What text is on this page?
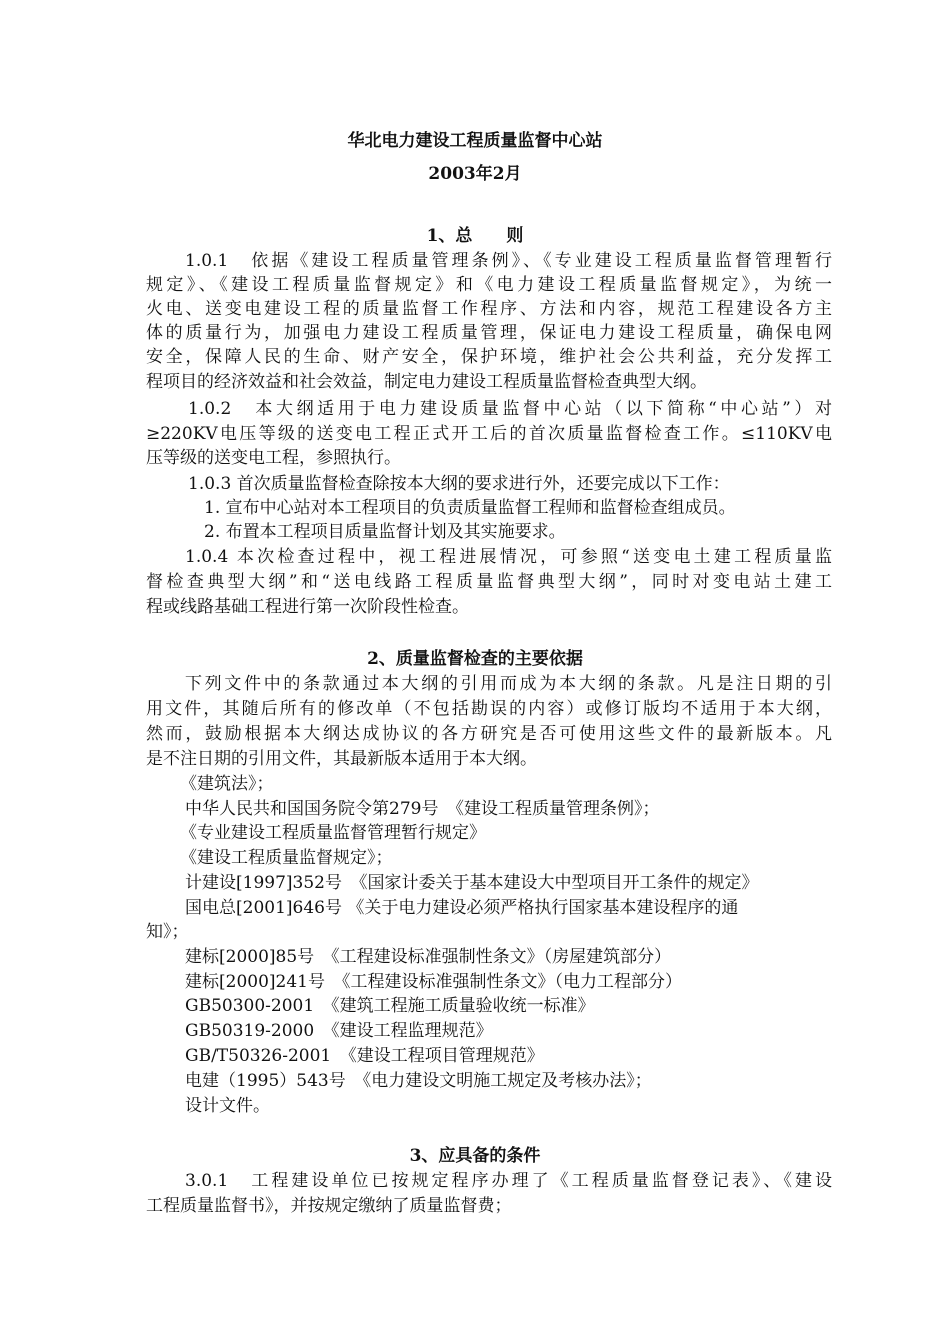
华北电力建设工程质量监督中心站
2003年2月
1、总　　则
1.0.1　依据《建设工程质量管理条例》、《专业建设工程质量监督管理暂行
规定》、《建设工程质量监督规定》和《电力建设工程质量监督规定》，为统一
火电、送变电建设工程的质量监督工作程序、方法和内容，规范工程建设各方主
体的质量行为，加强电力建设工程质量管理，保证电力建设工程质量，确保电网
安全，保障人民的生命、财产安全，保护环境，维护社会公共利益，充分发挥工
程项目的经济效益和社会效益，制定电力建设工程质量监督检查典型大纲。
1.0.2　本大纲适用于电力建设质量监督中心站（以下简称“中心站”）对
≥220KV电压等级的送变电工程正式开工后的首次质量监督检查工作。≤110KV电
压等级的送变电工程，参照执行。
1.0.3 首次质量监督检查除按本大纲的要求进行外，还要完成以下工作：
1. 宣布中心站对本工程项目的负责质量监督工程师和监督检查组成员。
2. 布置本工程项目质量监督计划及其实施要求。
1.0.4 本次检查过程中，视工程进展情况，可参照“送变电土建工程质量监
督检查典型大纲”和“送电线路工程质量监督典型大纲”，同时对变电站土建工
程或线路基础工程进行第一次阶段性检查。
2、质量监督检查的主要依据
下列文件中的条款通过本大纲的引用而成为本大纲的条款。凡是注日期的引
用文件，其随后所有的修改单（不包括勘误的内容）或修订版均不适用于本大纲，
然而，鼓励根据本大纲达成协议的各方研究是否可使用这些文件的最新版本。凡
是不注日期的引用文件，其最新版本适用于本大纲。
《建筑法》；
中华人民共和国国务院令第279号　《建设工程质量管理条例》；
《专业建设工程质量监督管理暂行规定》
《建设工程质量监督规定》；
计建设[1997]352号　《国家计委关于基本建设大中型项目开工条件的规定》
国电总[2001]646号 《关于电力建设必须严格执行国家基本建设程序的通
知》；
建标[2000]85号　《工程建设标准强制性条文》（房屋建筑部分）
建标[2000]241号　《工程建设标准强制性条文》（电力工程部分）
GB50300-2001　《建筑工程施工质量验收统一标准》
GB50319-2000　《建设工程监理规范》
GB/T50326-2001　《建设工程项目管理规范》
电建（1995）543号　《电力建设文明施工规定及考核办法》；
设计文件。
3、应具备的条件
3.0.1　工程建设单位已按规定程序办理了《工程质量监督登记表》、《建设
工程质量监督书》，并按规定缴纳了质量监督费；
